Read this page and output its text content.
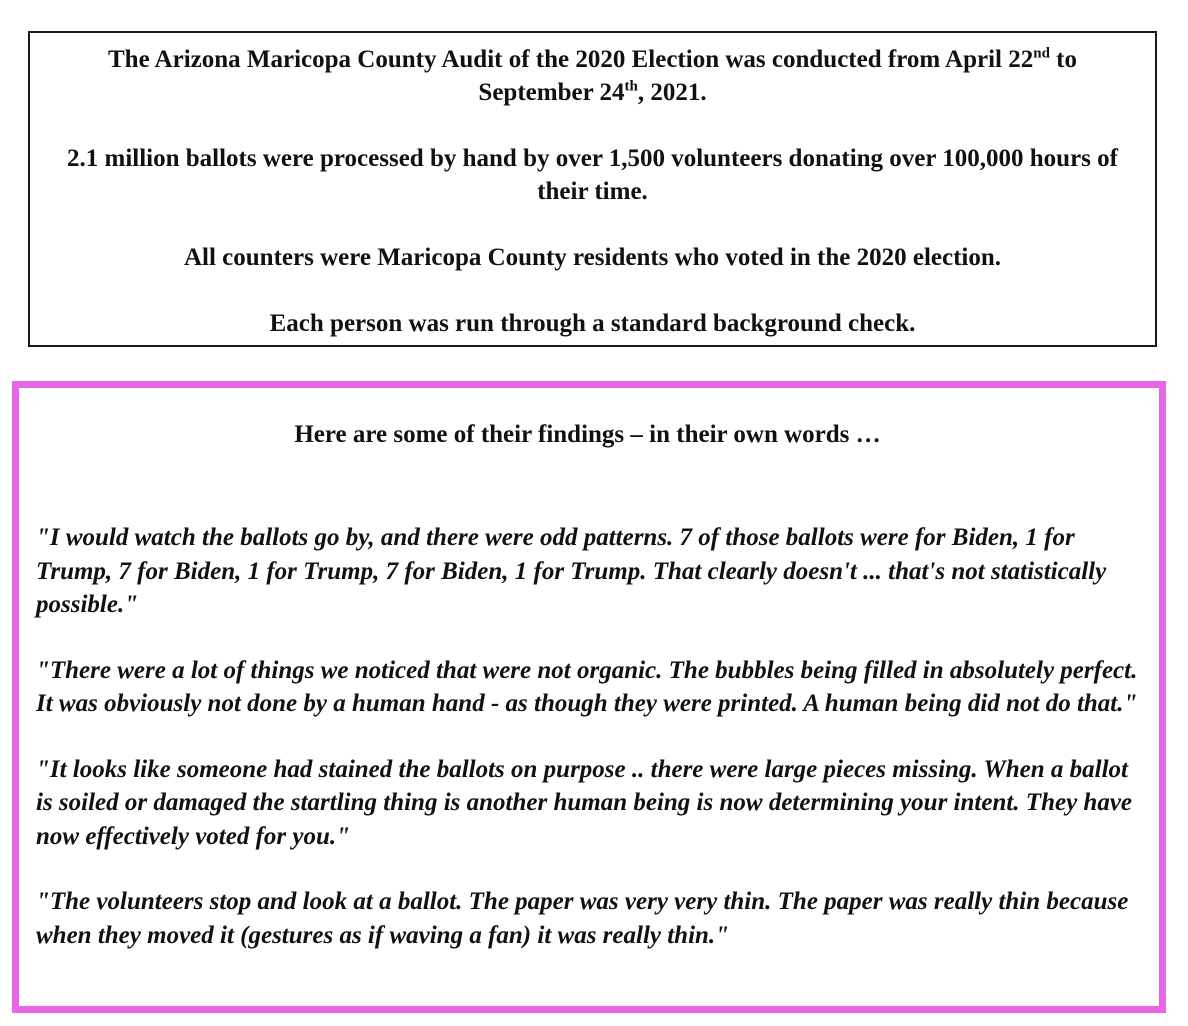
The Arizona Maricopa County Audit of the 2020 Election was conducted from April 22nd to September 24th, 2021.

2.1 million ballots were processed by hand by over 1,500 volunteers donating over 100,000 hours of their time.

All counters were Maricopa County residents who voted in the 2020 election.

Each person was run through a standard background check.

Here are some of their findings – in their own words …

"I would watch the ballots go by, and there were odd patterns. 7 of those ballots were for Biden, 1 for Trump, 7 for Biden, 1 for Trump, 7 for Biden, 1 for Trump. That clearly doesn't ... that's not statistically possible."

"There were a lot of things we noticed that were not organic. The bubbles being filled in absolutely perfect. It was obviously not done by a human hand - as though they were printed. A human being did not do that."

"It looks like someone had stained the ballots on purpose .. there were large pieces missing. When a ballot is soiled or damaged the startling thing is another human being is now determining your intent. They have now effectively voted for you."

"The volunteers stop and look at a ballot. The paper was very very thin. The paper was really thin because when they moved it (gestures as if waving a fan) it was really thin."
